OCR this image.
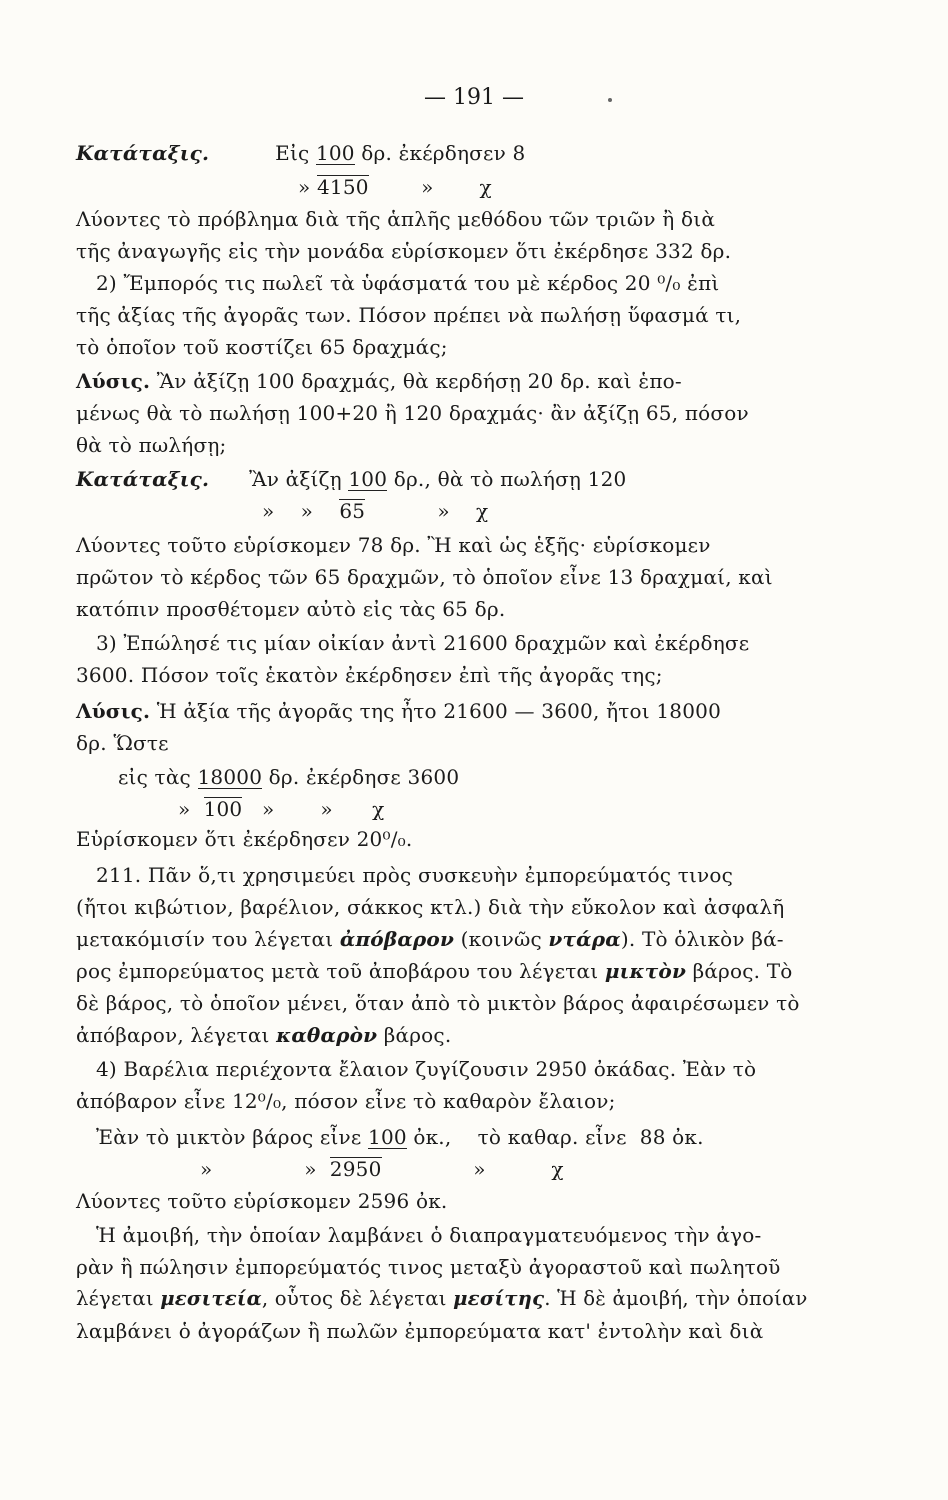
— 191 —
Κατάταξις.	Εἰς 100 δρ. ἐκέρδησεν 8
» 4150        »       χ
Λύοντες τὸ πρόβλημα διὰ τῆς ἁπλῆς μεθόδου τῶν τριῶν ἢ διὰ
τῆς ἀναγωγῆς εἰς τὴν μονάδα εὑρίσκομεν ὅτι ἐκέρδησε 332 δρ.
2) Ἔμπορός τις πωλεῖ τὰ ὑφάσματά του μὲ κέρδος 20 ⁰/₀ ἐπὶ
τῆς ἀξίας τῆς ἀγορᾶς των. Πόσον πρέπει νὰ πωλήσῃ ὕφασμά τι,
τὸ ὁποῖον τοῦ κοστίζει 65 δραχμάς;
Λύσις. Ἂν ἀξίζῃ 100 δραχμάς, θὰ κερδήσῃ 20 δρ. καὶ ἑπο-
μένως θὰ τὸ πωλήσῃ 100+20 ἢ 120 δραχμάς· ἂν ἀξίζῃ 65, πόσον
θὰ τὸ πωλήσῃ;
Κατάταξις. Ἂν ἀξίζῃ 100 δρ., θὰ τὸ πωλήσῃ 120
»    »    65           »    χ
Λύοντες τοῦτο εὑρίσκομεν 78 δρ. Ἢ καὶ ὡς ἑξῆς· εὑρίσκομεν
πρῶτον τὸ κέρδος τῶν 65 δραχμῶν, τὸ ὁποῖον εἶνε 13 δραχμαί, καὶ
κατόπιν προσθέτομεν αὐτὸ εἰς τὰς 65 δρ.
3) Ἐπώλησέ τις μίαν οἰκίαν ἀντὶ 21600 δραχμῶν καὶ ἐκέρδησε
3600. Πόσον τοῖς ἑκατὸν ἐκέρδησεν ἐπὶ τῆς ἀγορᾶς της;
Λύσις. Ἡ ἀξία τῆς ἀγορᾶς της ἦτο 21600 — 3600, ἤτοι 18000
δρ. Ὥστε
εἰς τὰς 18000 δρ. ἐκέρδησε 3600
»  100   »       »      χ
Εὑρίσκομεν ὅτι ἐκέρδησεν 20⁰/₀.
211. Πᾶν ὅ,τι χρησιμεύει πρὸς συσκευὴν ἐμπορεύματός τινος
(ἤτοι κιβώτιον, βαρέλιον, σάκκος κτλ.) διὰ τὴν εὔκολον καὶ ἀσφαλῆ
μετακόμισίν του λέγεται ἀπόβαρον (κοινῶς ντάρα). Τὸ ὁλικὸν βά-
ρος ἐμπορεύματος μετὰ τοῦ ἀποβάρου του λέγεται μικτὸν βάρος. Τὸ
δὲ βάρος, τὸ ὁποῖον μένει, ὅταν ἀπὸ τὸ μικτὸν βάρος ἀφαιρέσωμεν τὸ
ἀπόβαρον, λέγεται καθαρὸν βάρος.
4) Βαρέλια περιέχοντα ἔλαιον ζυγίζουσιν 2950 ὀκάδας. Ἐὰν τὸ
ἀπόβαρον εἶνε 12⁰/₀, πόσον εἶνε τὸ καθαρὸν ἔλαιον;
Ἐὰν τὸ μικτὸν βάρος εἶνε 100 ὀκ.,    τὸ καθαρ. εἶνε  88 ὀκ.
»              »  2950              »          χ
Λύοντες τοῦτο εὑρίσκομεν 2596 ὀκ.
Ἡ ἀμοιβή, τὴν ὁποίαν λαμβάνει ὁ διαπραγματευόμενος τὴν ἀγο-
ρὰν ἢ πώλησιν ἐμπορεύματός τινος μεταξὺ ἀγοραστοῦ καὶ πωλητοῦ
λέγεται μεσιτεία, οὗτος δὲ λέγεται μεσίτης. Ἡ δὲ ἀμοιβή, τὴν ὁποίαν
λαμβάνει ὁ ἀγοράζων ἢ πωλῶν ἐμπορεύματα κατ' ἐντολὴν καὶ διὰ
